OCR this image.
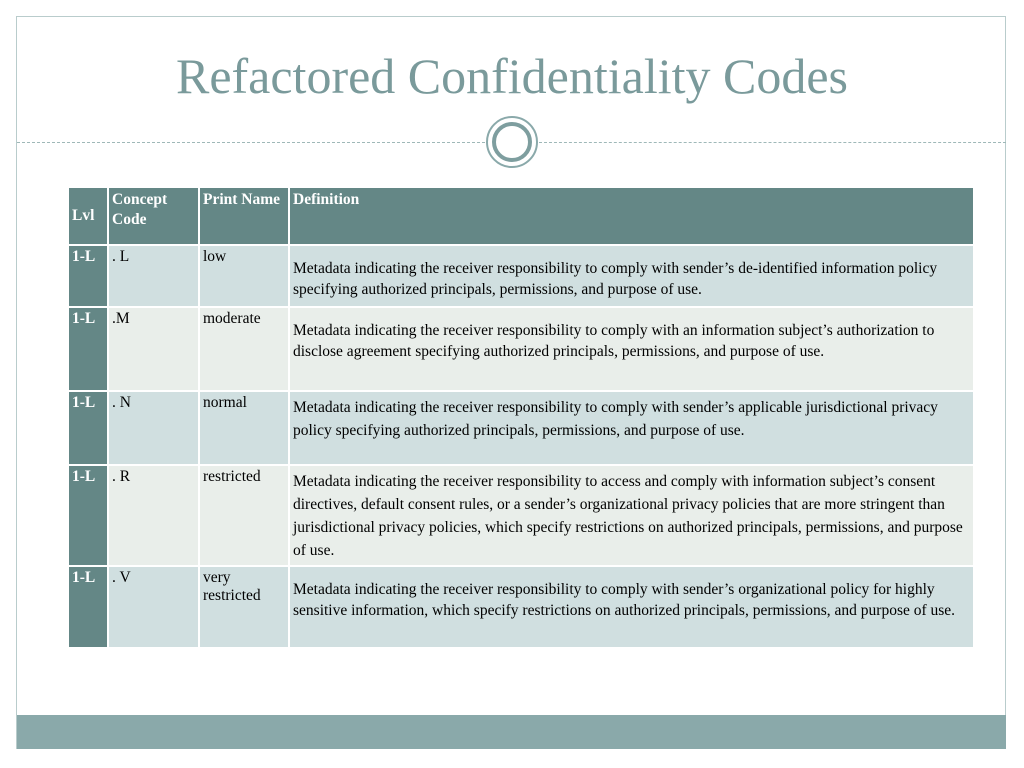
Refactored Confidentiality Codes
Lvl	Concept Code	Print Name	Definition
1-L	. L	low	Metadata indicating the receiver responsibility to comply with sender’s de-identified information policy specifying authorized principals, permissions, and purpose of use.

1-L	.M	moderate	Metadata indicating the receiver responsibility to comply with an information subject’s authorization to disclose agreement specifying authorized principals, permissions, and purpose of use.

1-L	. N	normal	Metadata indicating the receiver responsibility to comply with sender’s applicable jurisdictional privacy policy specifying authorized principals, permissions, and purpose of use.

1-L	. R	restricted	Metadata indicating the receiver responsibility to access and comply with information subject’s consent directives, default consent rules, or a sender’s organizational privacy policies that are more stringent than jurisdictional privacy policies, which specify restrictions on authorized principals, permissions, and purpose of use.

1-L	. V	very restricted	Metadata indicating the receiver responsibility to comply with sender’s organizational policy for highly sensitive information, which specify restrictions on authorized principals, permissions, and purpose of use.
